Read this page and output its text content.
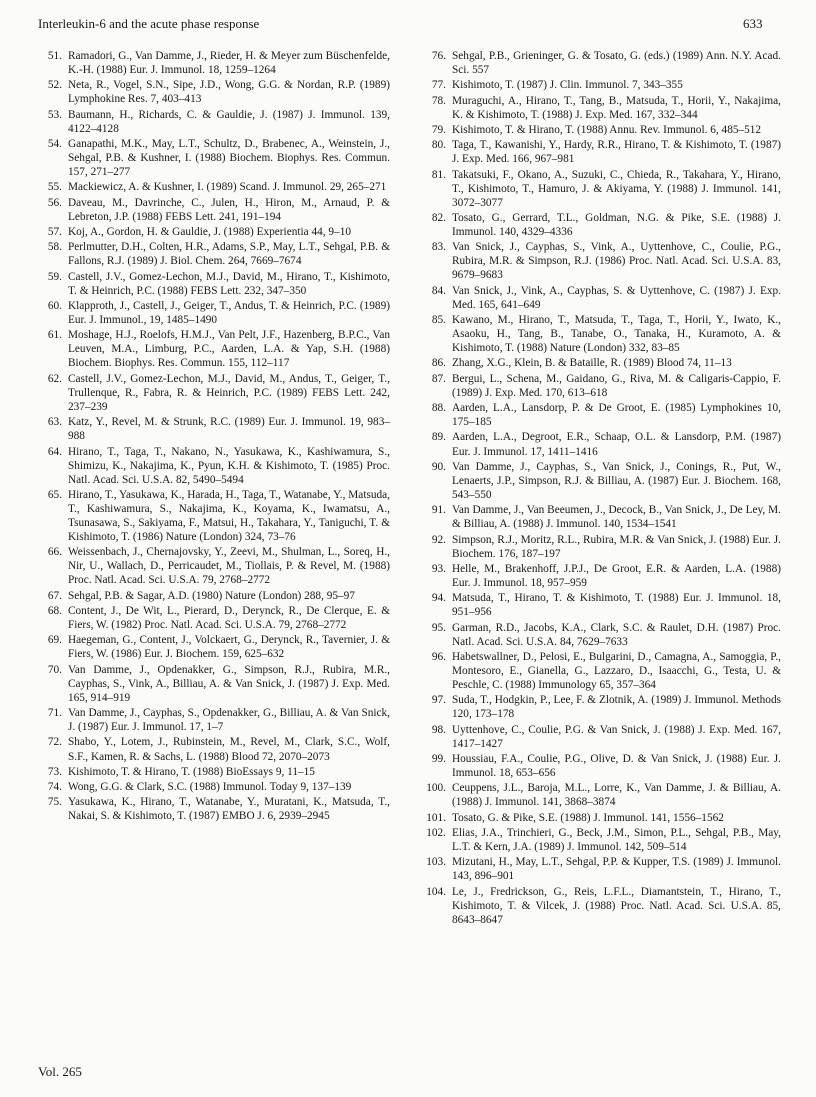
Interleukin-6 and the acute phase response	633

51. Ramadori, G., Van Damme, J., Rieder, H. & Meyer zum Büschenfelde, K.-H. (1988) Eur. J. Immunol. 18, 1259–1264

52. Neta, R., Vogel, S.N., Sipe, J.D., Wong, G.G. & Nordan, R.P. (1989) Lymphokine Res. 7, 403–413

53. Baumann, H., Richards, C. & Gauldie, J. (1987) J. Immunol. 139, 4122–4128

54. Ganapathi, M.K., May, L.T., Schultz, D., Brabenec, A., Weinstein, J., Sehgal, P.B. & Kushner, I. (1988) Biochem. Biophys. Res. Commun. 157, 271–277

55. Mackiewicz, A. & Kushner, I. (1989) Scand. J. Immunol. 29, 265–271

56. Daveau, M., Davrinche, C., Julen, H., Hiron, M., Arnaud, P. & Lebreton, J.P. (1988) FEBS Lett. 241, 191–194

57. Koj, A., Gordon, H. & Gauldie, J. (1988) Experientia 44, 9–10

58. Perlmutter, D.H., Colten, H.R., Adams, S.P., May, L.T., Sehgal, P.B. & Fallons, R.J. (1989) J. Biol. Chem. 264, 7669–7674

59. Castell, J.V., Gomez-Lechon, M.J., David, M., Hirano, T., Kishimoto, T. & Heinrich, P.C. (1988) FEBS Lett. 232, 347–350

60. Klapproth, J., Castell, J., Geiger, T., Andus, T. & Heinrich, P.C. (1989) Eur. J. Immunol., 19, 1485–1490

61. Moshage, H.J., Roelofs, H.M.J., Van Pelt, J.F., Hazenberg, B.P.C., Van Leuven, M.A., Limburg, P.C., Aarden, L.A. & Yap, S.H. (1988) Biochem. Biophys. Res. Commun. 155, 112–117

62. Castell, J.V., Gomez-Lechon, M.J., David, M., Andus, T., Geiger, T., Trullenque, R., Fabra, R. & Heinrich, P.C. (1989) FEBS Lett. 242, 237–239

63. Katz, Y., Revel, M. & Strunk, R.C. (1989) Eur. J. Immunol. 19, 983–988

64. Hirano, T., Taga, T., Nakano, N., Yasukawa, K., Kashiwamura, S., Shimizu, K., Nakajima, K., Pyun, K.H. & Kishimoto, T. (1985) Proc. Natl. Acad. Sci. U.S.A. 82, 5490–5494

65. Hirano, T., Yasukawa, K., Harada, H., Taga, T., Watanabe, Y., Matsuda, T., Kashiwamura, S., Nakajima, K., Koyama, K., Iwamatsu, A., Tsunasawa, S., Sakiyama, F., Matsui, H., Takahara, Y., Taniguchi, T. & Kishimoto, T. (1986) Nature (London) 324, 73–76

66. Weissenbach, J., Chernajovsky, Y., Zeevi, M., Shulman, L., Soreq, H., Nir, U., Wallach, D., Perricaudet, M., Tiollais, P. & Revel, M. (1988) Proc. Natl. Acad. Sci. U.S.A. 79, 2768–2772

67. Sehgal, P.B. & Sagar, A.D. (1980) Nature (London) 288, 95–97

68. Content, J., De Wit, L., Pierard, D., Derynck, R., De Clerque, E. & Fiers, W. (1982) Proc. Natl. Acad. Sci. U.S.A. 79, 2768–2772

69. Haegeman, G., Content, J., Volckaert, G., Derynck, R., Tavernier, J. & Fiers, W. (1986) Eur. J. Biochem. 159, 625–632

70. Van Damme, J., Opdenakker, G., Simpson, R.J., Rubira, M.R., Cayphas, S., Vink, A., Billiau, A. & Van Snick, J. (1987) J. Exp. Med. 165, 914–919

71. Van Damme, J., Cayphas, S., Opdenakker, G., Billiau, A. & Van Snick, J. (1987) Eur. J. Immunol. 17, 1–7

72. Shabo, Y., Lotem, J., Rubinstein, M., Revel, M., Clark, S.C., Wolf, S.F., Kamen, R. & Sachs, L. (1988) Blood 72, 2070–2073

73. Kishimoto, T. & Hirano, T. (1988) BioEssays 9, 11–15

74. Wong, G.G. & Clark, S.C. (1988) Immunol. Today 9, 137–139

75. Yasukawa, K., Hirano, T., Watanabe, Y., Muratani, K., Matsuda, T., Nakai, S. & Kishimoto, T. (1987) EMBO J. 6, 2939–2945

76. Sehgal, P.B., Grieninger, G. & Tosato, G. (eds.) (1989) Ann. N.Y. Acad. Sci. 557

77. Kishimoto, T. (1987) J. Clin. Immunol. 7, 343–355

78. Muraguchi, A., Hirano, T., Tang, B., Matsuda, T., Horii, Y., Nakajima, K. & Kishimoto, T. (1988) J. Exp. Med. 167, 332–344

79. Kishimoto, T. & Hirano, T. (1988) Annu. Rev. Immunol. 6, 485–512

80. Taga, T., Kawanishi, Y., Hardy, R.R., Hirano, T. & Kishimoto, T. (1987) J. Exp. Med. 166, 967–981

81. Takatsuki, F., Okano, A., Suzuki, C., Chieda, R., Takahara, Y., Hirano, T., Kishimoto, T., Hamuro, J. & Akiyama, Y. (1988) J. Immunol. 141, 3072–3077

82. Tosato, G., Gerrard, T.L., Goldman, N.G. & Pike, S.E. (1988) J. Immunol. 140, 4329–4336

83. Van Snick, J., Cayphas, S., Vink, A., Uyttenhove, C., Coulie, P.G., Rubira, M.R. & Simpson, R.J. (1986) Proc. Natl. Acad. Sci. U.S.A. 83, 9679–9683

84. Van Snick, J., Vink, A., Cayphas, S. & Uyttenhove, C. (1987) J. Exp. Med. 165, 641–649

85. Kawano, M., Hirano, T., Matsuda, T., Taga, T., Horii, Y., Iwato, K., Asaoku, H., Tang, B., Tanabe, O., Tanaka, H., Kuramoto, A. & Kishimoto, T. (1988) Nature (London) 332, 83–85

86. Zhang, X.G., Klein, B. & Bataille, R. (1989) Blood 74, 11–13

87. Bergui, L., Schena, M., Gaidano, G., Riva, M. & Caligaris-Cappio, F. (1989) J. Exp. Med. 170, 613–618

88. Aarden, L.A., Lansdorp, P. & De Groot, E. (1985) Lymphokines 10, 175–185

89. Aarden, L.A., Degroot, E.R., Schaap, O.L. & Lansdorp, P.M. (1987) Eur. J. Immunol. 17, 1411–1416

90. Van Damme, J., Cayphas, S., Van Snick, J., Conings, R., Put, W., Lenaerts, J.P., Simpson, R.J. & Billiau, A. (1987) Eur. J. Biochem. 168, 543–550

91. Van Damme, J., Van Beeumen, J., Decock, B., Van Snick, J., De Ley, M. & Billiau, A. (1988) J. Immunol. 140, 1534–1541

92. Simpson, R.J., Moritz, R.L., Rubira, M.R. & Van Snick, J. (1988) Eur. J. Biochem. 176, 187–197

93. Helle, M., Brakenhoff, J.P.J., De Groot, E.R. & Aarden, L.A. (1988) Eur. J. Immunol. 18, 957–959

94. Matsuda, T., Hirano, T. & Kishimoto, T. (1988) Eur. J. Immunol. 18, 951–956

95. Garman, R.D., Jacobs, K.A., Clark, S.C. & Raulet, D.H. (1987) Proc. Natl. Acad. Sci. U.S.A. 84, 7629–7633

96. Habetswallner, D., Pelosi, E., Bulgarini, D., Camagna, A., Samoggia, P., Montesoro, E., Gianella, G., Lazzaro, D., Isaacchi, G., Testa, U. & Peschle, C. (1988) Immunology 65, 357–364

97. Suda, T., Hodgkin, P., Lee, F. & Zlotnik, A. (1989) J. Immunol. Methods 120, 173–178

98. Uyttenhove, C., Coulie, P.G. & Van Snick, J. (1988) J. Exp. Med. 167, 1417–1427

99. Houssiau, F.A., Coulie, P.G., Olive, D. & Van Snick, J. (1988) Eur. J. Immunol. 18, 653–656

100. Ceuppens, J.L., Baroja, M.L., Lorre, K., Van Damme, J. & Billiau, A. (1988) J. Immunol. 141, 3868–3874

101. Tosato, G. & Pike, S.E. (1988) J. Immunol. 141, 1556–1562

102. Elias, J.A., Trinchieri, G., Beck, J.M., Simon, P.L., Sehgal, P.B., May, L.T. & Kern, J.A. (1989) J. Immunol. 142, 509–514

103. Mizutani, H., May, L.T., Sehgal, P.P. & Kupper, T.S. (1989) J. Immunol. 143, 896–901

104. Le, J., Fredrickson, G., Reis, L.F.L., Diamantstein, T., Hirano, T., Kishimoto, T. & Vilcek, J. (1988) Proc. Natl. Acad. Sci. U.S.A. 85, 8643–8647

Vol. 265
